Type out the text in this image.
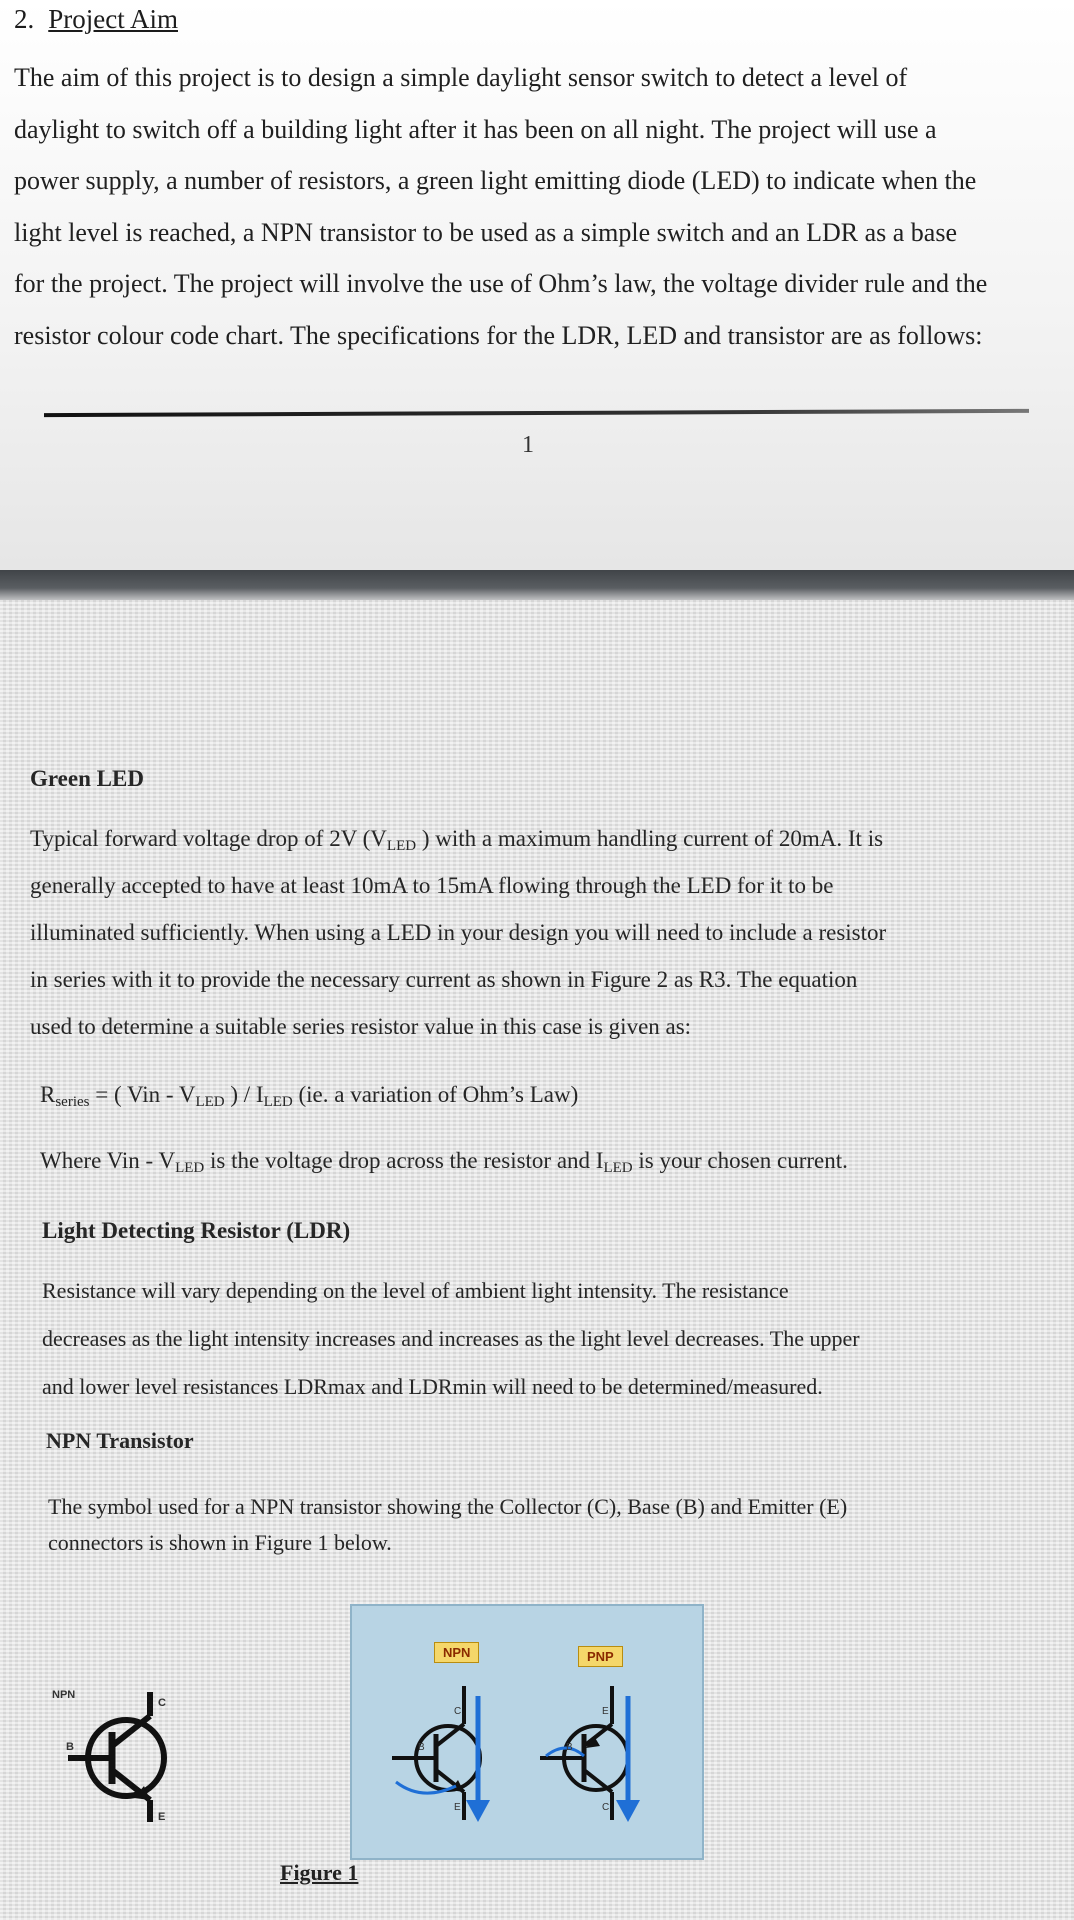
2. Project Aim
The aim of this project is to design a simple daylight sensor switch to detect a level of
daylight to switch off a building light after it has been on all night. The project will use a
power supply, a number of resistors, a green light emitting diode (LED) to indicate when the
light level is reached, a NPN transistor to be used as a simple switch and an LDR as a base
for the project. The project will involve the use of Ohm’s law, the voltage divider rule and the
resistor colour code chart. The specifications for the LDR, LED and transistor are as follows:
1
Green LED
Typical forward voltage drop of 2V ($V_{LED}$ ) with a maximum handling current of 20mA. It is
generally accepted to have at least 10mA to 15mA flowing through the LED for it to be
illuminated sufficiently. When using a LED in your design you will need to include a resistor
in series with it to provide the necessary current as shown in Figure 2 as R3. The equation
used to determine a suitable series resistor value in this case is given as:
$R_{series}$ = ( Vin - $V_{LED}$ ) / $I_{LED}$ (ie. a variation of Ohm’s Law)
Where Vin - $V_{LED}$ is the voltage drop across the resistor and $I_{LED}$ is your chosen current.
Light Detecting Resistor (LDR)
Resistance will vary depending on the level of ambient light intensity. The resistance
decreases as the light intensity increases and increases as the light level decreases. The upper
and lower level resistances LDRmax and LDRmin will need to be determined/measured.
NPN Transistor
The symbol used for a NPN transistor showing the Collector (C), Base (B) and Emitter (E)
connectors is shown in Figure 1 below.
NPN
C
B
E
NPN	PNP
C
B
E
E
B
C
Figure 1
